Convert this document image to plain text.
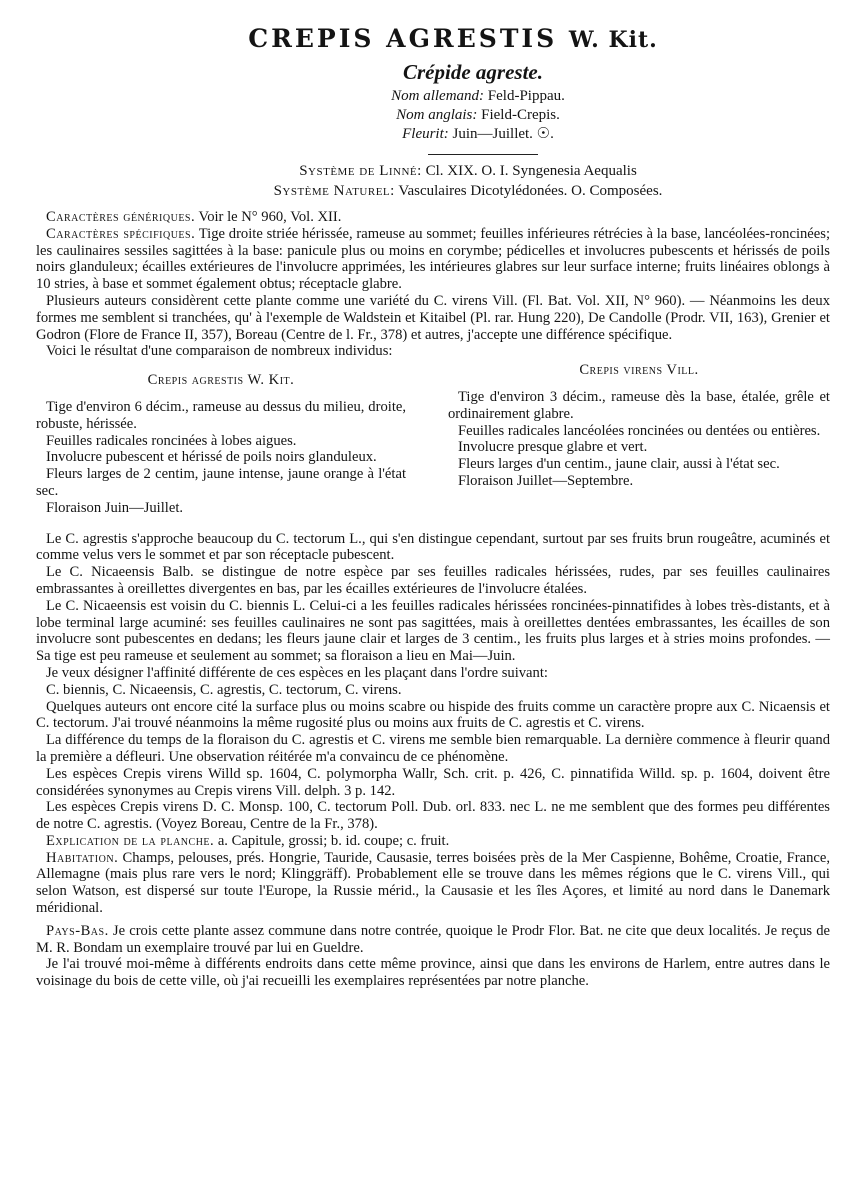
CREPIS AGRESTIS W. Kit.
Crépide agreste.
Nom allemand: Feld-Pippau.
Nom anglais: Field-Crepis.
Fleurit: Juin—Juillet. ☉.
Système de Linné: Cl. XIX. O. I. Syngenesia Aequalis
Système Naturel: Vasculaires Dicotylédonées. O. Composées.

Caractères génériques. Voir le N° 960, Vol. XII.

Caractères spécifiques. Tige droite striée hérissée, rameuse au sommet; feuilles inférieures rétrécies à la base, lancéolées-roncinées; les caulinaires sessiles sagittées à la base: panicule plus ou moins en corymbe; pédicelles et involucres pubescents et hérissés de poils noirs glanduleux; écailles extérieures de l'involucre apprimées, les intérieures glabres sur leur surface interne; fruits linéaires oblongs à 10 stries, à base et sommet également obtus; réceptacle glabre.

Plusieurs auteurs considèrent cette plante comme une variété du C. virens Vill. (Fl. Bat. Vol. XII, N° 960). — Néanmoins les deux formes me semblent si tranchées, qu' à l'exemple de Waldstein et Kitaibel (Pl. rar. Hung 220), De Candolle (Prodr. VII, 163), Grenier et Godron (Flore de France II, 357), Boreau (Centre de l. Fr., 378) et autres, j'accepte une différence spécifique.

Voici le résultat d'une comparaison de nombreux individus:

Crepis agrestis W. Kit.

Tige d'environ 6 décim., rameuse au dessus du milieu, droite, robuste, hérissée.

Feuilles radicales roncinées à lobes aigues.

Involucre pubescent et hérissé de poils noirs glanduleux.

Fleurs larges de 2 centim, jaune intense, jaune orange à l'état sec.

Floraison Juin—Juillet.

Crepis virens Vill.

Tige d'environ 3 décim., rameuse dès la base, étalée, grêle et ordinairement glabre.

Feuilles radicales lancéolées roncinées ou dentées ou entières.

Involucre presque glabre et vert.

Fleurs larges d'un centim., jaune clair, aussi à l'état sec.

Floraison Juillet—Septembre.

Le C. agrestis s'approche beaucoup du C. tectorum L., qui s'en distingue cependant, surtout par ses fruits brun rougeâtre, acuminés et comme velus vers le sommet et par son réceptacle pubescent.

Le C. Nicaeensis Balb. se distingue de notre espèce par ses feuilles radicales hérissées, rudes, par ses feuilles caulinaires embrassantes à oreillettes divergentes en bas, par les écailles extérieures de l'involucre étalées.

Le C. Nicaeensis est voisin du C. biennis L. Celui-ci a les feuilles radicales hérissées roncinées-pinnatifides à lobes très-distants, et à lobe terminal large acuminé: ses feuilles caulinaires ne sont pas sagittées, mais à oreillettes dentées embrassantes, les écailles de son involucre sont pubescentes en dedans; les fleurs jaune clair et larges de 3 centim., les fruits plus larges et à stries moins profondes. — Sa tige est peu rameuse et seulement au sommet; sa floraison a lieu en Mai—Juin.

Je veux désigner l'affinité différente de ces espèces en les plaçant dans l'ordre suivant:

C. biennis, C. Nicaeensis, C. agrestis, C. tectorum, C. virens.

Quelques auteurs ont encore cité la surface plus ou moins scabre ou hispide des fruits comme un caractère propre aux C. Nicaensis et C. tectorum. J'ai trouvé néanmoins la même rugosité plus ou moins aux fruits de C. agrestis et C. virens.

La différence du temps de la floraison du C. agrestis et C. virens me semble bien remarquable. La dernière commence à fleurir quand la première a défleuri. Une observation réitérée m'a convaincu de ce phénomène.

Les espèces Crepis virens Willd sp. 1604, C. polymorpha Wallr, Sch. crit. p. 426, C. pinnatifida Willd. sp. p. 1604, doivent être considérées synonymes au Crepis virens Vill. delph. 3 p. 142.

Les espèces Crepis virens D. C. Monsp. 100, C. tectorum Poll. Dub. orl. 833. nec L. ne me semblent que des formes peu différentes de notre C. agrestis. (Voyez Boreau, Centre de la Fr., 378).

Explication de la planche. a. Capitule, grossi; b. id. coupe; c. fruit.

Habitation. Champs, pelouses, prés. Hongrie, Tauride, Causasie, terres boisées près de la Mer Caspienne, Bohême, Croatie, France, Allemagne (mais plus rare vers le nord; Klinggräff). Probablement elle se trouve dans les mêmes régions que le C. virens Vill., qui selon Watson, est dispersé sur toute l'Europe, la Russie mérid., la Causasie et les îles Açores, et limité au nord dans le Danemark méridional.

Pays-Bas. Je crois cette plante assez commune dans notre contrée, quoique le Prodr Flor. Bat. ne cite que deux localités. Je reçus de M. R. Bondam un exemplaire trouvé par lui en Gueldre.

Je l'ai trouvé moi-même à différents endroits dans cette même province, ainsi que dans les environs de Harlem, entre autres dans le voisinage du bois de cette ville, où j'ai recueilli les exemplaires représentées par notre planche.
